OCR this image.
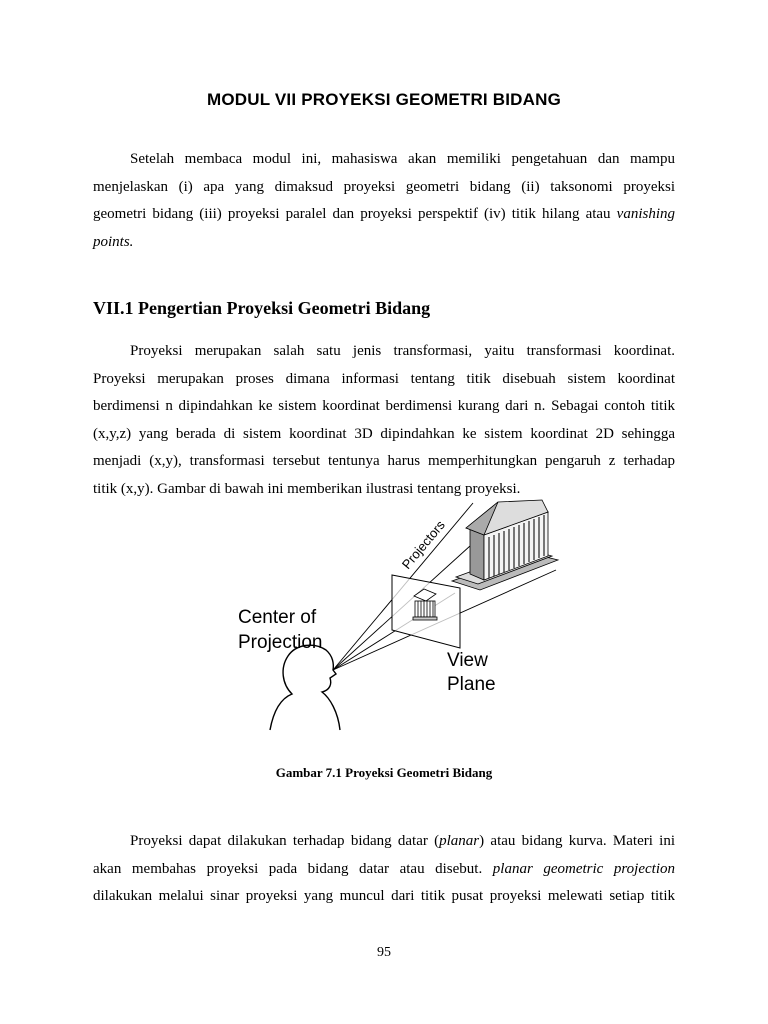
MODUL VII PROYEKSI GEOMETRI BIDANG
Setelah membaca modul ini, mahasiswa akan memiliki pengetahuan dan mampu
menjelaskan (i) apa yang dimaksud proyeksi geometri bidang (ii) taksonomi proyeksi
geometri bidang (iii) proyeksi paralel dan proyeksi perspektif (iv) titik hilang atau vanishing
points.
VII.1 Pengertian Proyeksi Geometri Bidang
Proyeksi merupakan salah satu jenis transformasi, yaitu transformasi koordinat.
Proyeksi merupakan proses dimana informasi tentang titik disebuah sistem koordinat
berdimensi n dipindahkan ke sistem koordinat berdimensi kurang dari n. Sebagai contoh titik
(x,y,z) yang berada di sistem koordinat 3D dipindahkan ke sistem koordinat 2D sehingga
menjadi (x,y), transformasi tersebut tentunya harus memperhitungkan pengaruh z terhadap
titik (x,y). Gambar di bawah ini memberikan ilustrasi tentang proyeksi.
Center of
Projection
Projectors
View
Plane
Gambar 7.1 Proyeksi Geometri Bidang
Proyeksi dapat dilakukan terhadap bidang datar (planar) atau bidang kurva. Materi ini
akan membahas proyeksi pada bidang datar atau disebut. planar geometric projection
dilakukan melalui sinar proyeksi yang muncul dari titik pusat proyeksi melewati setiap titik
95
